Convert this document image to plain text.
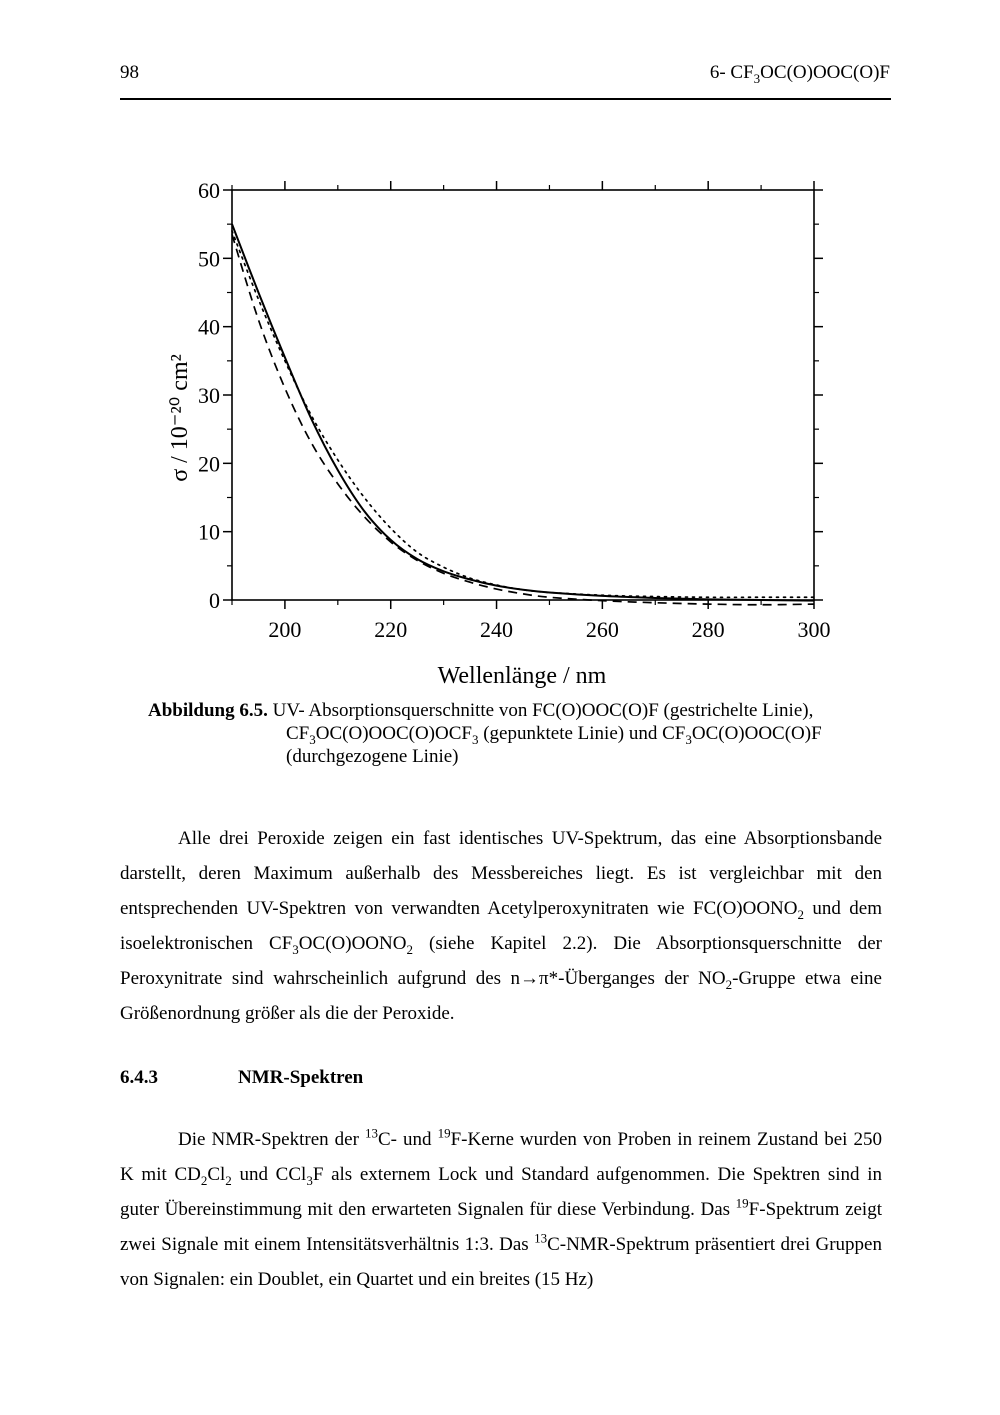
98	6- $CF_3OC(O)OOC(O)F$
200	220	240	260	280	300
0
10
20
30
40
50
60
Wellenlänge / nm
σ / 10⁻²⁰ cm²
Abbildung 6.5. UV- Absorptionsquerschnitte von FC(O)OOC(O)F (gestrichelte Linie),
$CF_3OC(O)OOC(O)OCF_3$ (gepunktete Linie) und $CF_3OC(O)OOC(O)F$
(durchgezogene Linie)

Alle drei Peroxide zeigen ein fast identisches UV-Spektrum, das eine Absorptionsbande darstellt, deren Maximum außerhalb des Messbereiches liegt. Es ist vergleichbar mit den entsprechenden UV-Spektren von verwandten Acetylperoxynitraten wie $FC(O)OONO_2$ und dem isoelektronischen $CF_3OC(O)OONO_2$ (siehe Kapitel 2.2). Die Absorptionsquerschnitte der Peroxynitrate sind wahrscheinlich aufgrund des n→π*-Überganges der $NO_2$-Gruppe etwa eine Größenordnung größer als die der Peroxide.

6.4.3	NMR-Spektren

Die NMR-Spektren der $^{13}$C- und $^{19}$F-Kerne wurden von Proben in reinem Zustand bei 250 K mit $CD_2Cl_2$ und CCl$_3$F als externem Lock und Standard aufgenommen. Die Spektren sind in guter Übereinstimmung mit den erwarteten Signalen für diese Verbindung. Das $^{19}$F-Spektrum zeigt zwei Signale mit einem Intensitätsverhältnis 1:3. Das $^{13}$C-NMR-Spektrum präsentiert drei Gruppen von Signalen: ein Doublet, ein Quartet und ein breites (15 Hz)
